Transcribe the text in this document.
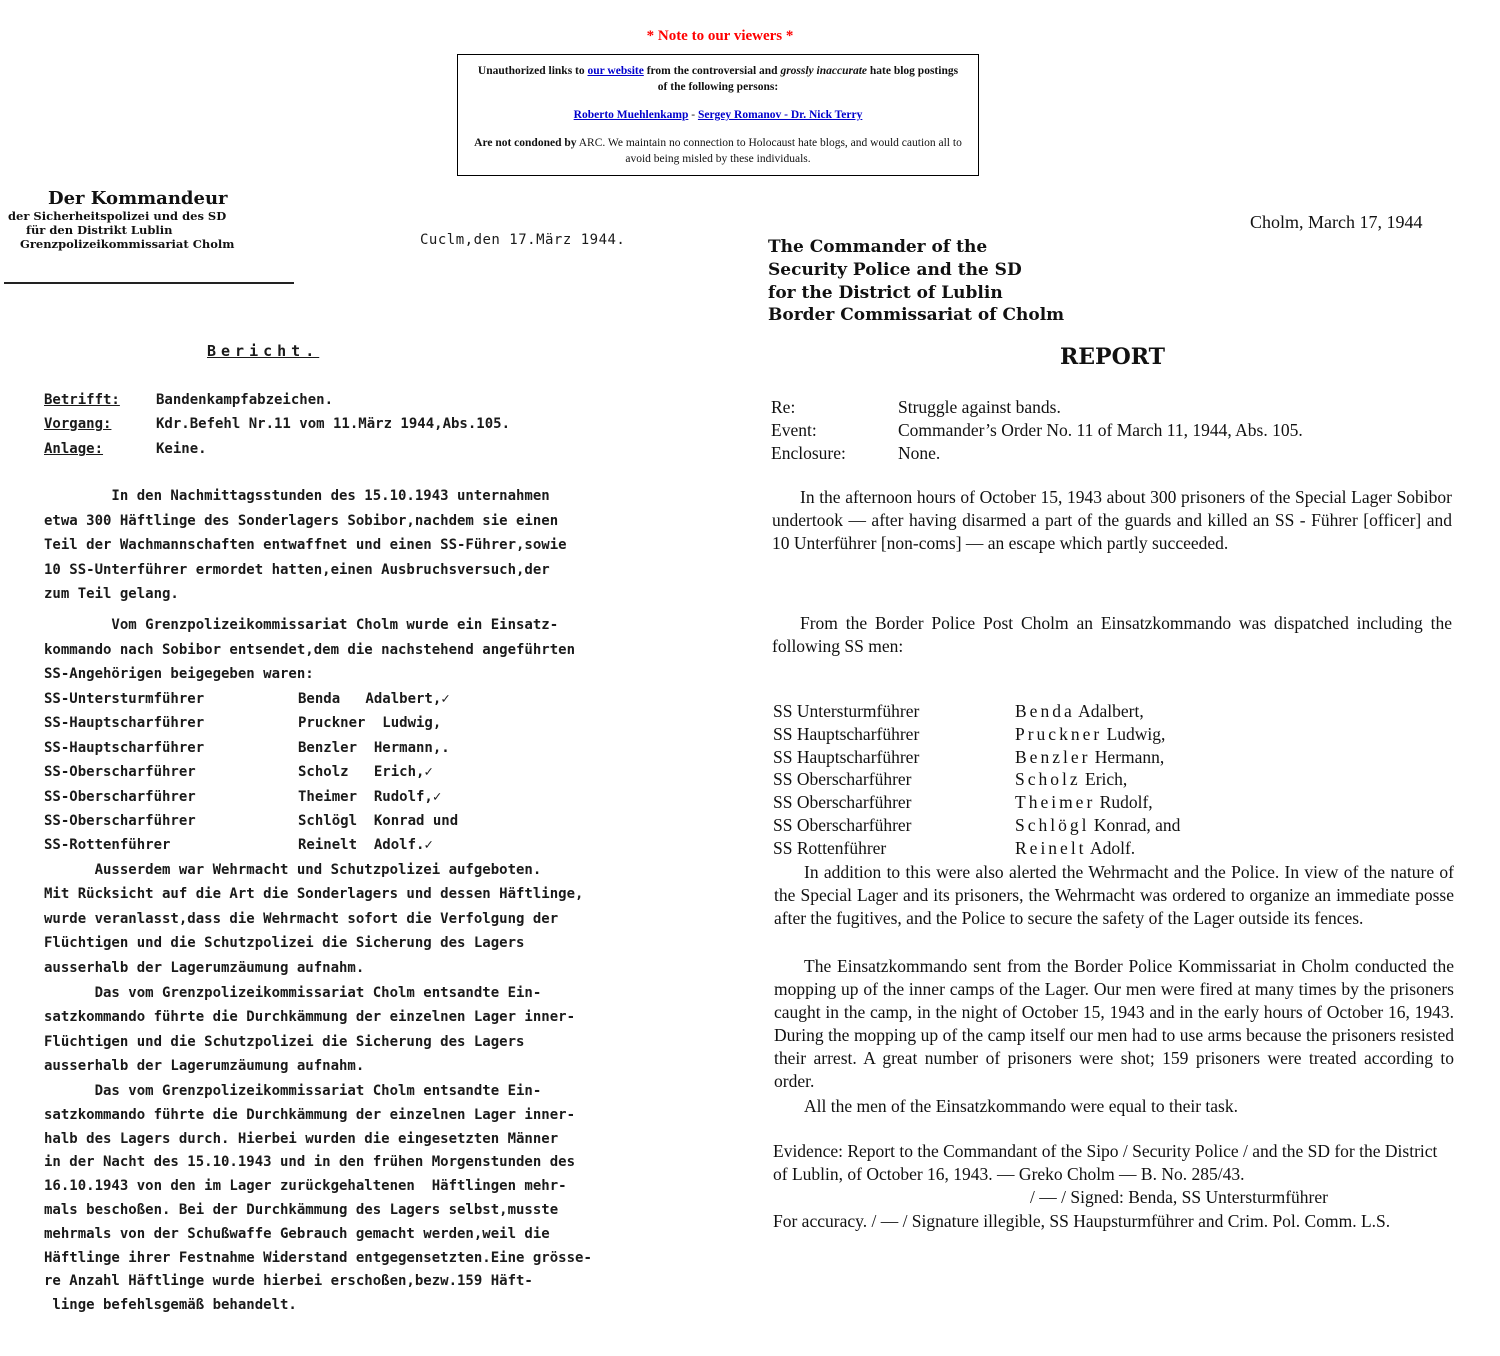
* Note to our viewers *

Unauthorized links to our website from the controversial and grossly inaccurate hate blog postings of the following persons:

Roberto Muehlenkamp - Sergey Romanov - Dr. Nick Terry

Are not condoned by ARC. We maintain no connection to Holocaust hate blogs, and would caution all to avoid being misled by these individuals.

Der Kommandeur
der Sicherheitspolizei und des SD
für den Distrikt Lublin
Grenzpolizeikommissariat Cholm	Cuclm,den 17.März 1944.
Bericht.
Betrifft:	Bandenkampfabzeichen.
Vorgang:	Kdr.Befehl Nr.11 vom 11.März 1944,Abs.105.
Anlage:	Keine.
In den Nachmittagsstunden des 15.10.1943 unternahmen
etwa 300 Häftlinge des Sonderlagers Sobibor,nachdem sie einen
Teil der Wachmannschaften entwaffnet und einen SS-Führer,sowie
10 SS-Unterführer ermordet hatten,einen Ausbruchsversuch,der
zum Teil gelang.
Vom Grenzpolizeikommissariat Cholm wurde ein Einsatz-
kommando nach Sobibor entsendet,dem die nachstehend angeführten
SS-Angehörigen beigegeben waren:
SS-Untersturmführer	Benda   Adalbert,✓
SS-Hauptscharführer	Pruckner  Ludwig,
SS-Hauptscharführer	Benzler  Hermann,.
SS-Oberscharführer	Scholz   Erich,✓
SS-Oberscharführer	Theimer  Rudolf,✓
SS-Oberscharführer	Schlögl  Konrad und
SS-Rottenführer	Reinelt  Adolf.✓
Ausserdem war Wehrmacht und Schutzpolizei aufgeboten.
Mit Rücksicht auf die Art die Sonderlagers und dessen Häftlinge,
wurde veranlasst,dass die Wehrmacht sofort die Verfolgung der
Flüchtigen und die Schutzpolizei die Sicherung des Lagers
ausserhalb der Lagerumzäumung aufnahm.
Das vom Grenzpolizeikommissariat Cholm entsandte Ein-
satzkommando führte die Durchkämmung der einzelnen Lager inner-
Flüchtigen und die Schutzpolizei die Sicherung des Lagers
ausserhalb der Lagerumzäumung aufnahm.
Das vom Grenzpolizeikommissariat Cholm entsandte Ein-
satzkommando führte die Durchkämmung der einzelnen Lager inner-
halb des Lagers durch. Hierbei wurden die eingesetzten Männer
in der Nacht des 15.10.1943 und in den frühen Morgenstunden des
16.10.1943 von den im Lager zurückgehaltenen  Häftlingen mehr-
mals beschoßen. Bei der Durchkämmung des Lagers selbst,musste
mehrmals von der Schußwaffe Gebrauch gemacht werden,weil die
Häftlinge ihrer Festnahme Widerstand entgegensetzten.Eine grösse-
re Anzahl Häftlinge wurde hierbei erschoßen,bezw.159 Häft-
linge befehlsgemäß behandelt.
Cholm, March 17, 1944
The Commander of the
Security Police and the SD
for the District of Lublin
Border Commissariat of Cholm
REPORT
Re:	Struggle against bands.
Event:	Commander’s Order No. 11 of March 11, 1944, Abs. 105.
Enclosure:	None.
In the afternoon hours of October 15, 1943 about 300 prisoners of the Special Lager Sobibor undertook — after having disarmed a part of the guards and killed an SS - Führer [officer] and 10 Unterführer [non-coms] — an escape which partly succeeded.
From the Border Police Post Cholm an Einsatzkommando was dispatched including the following SS men:
SS Untersturmführer	Benda Adalbert,
SS Hauptscharführer	Pruckner Ludwig,
SS Hauptscharführer	Benzler Hermann,
SS Oberscharführer	Scholz Erich,
SS Oberscharführer	Theimer Rudolf,
SS Oberscharführer	Schlögl Konrad, and
SS Rottenführer	Reinelt Adolf.
In addition to this were also alerted the Wehrmacht and the Police. In view of the nature of the Special Lager and its prisoners, the Wehrmacht was ordered to organize an immediate posse after the fugitives, and the Police to secure the safety of the Lager outside its fences.
The Einsatzkommando sent from the Border Police Kommissariat in Cholm conducted the mopping up of the inner camps of the Lager. Our men were fired at many times by the prisoners caught in the camp, in the night of October 15, 1943 and in the early hours of October 16, 1943. During the mopping up of the camp itself our men had to use arms because the prisoners resisted their arrest. A great number of prisoners were shot; 159 prisoners were treated according to order.
All the men of the Einsatzkommando were equal to their task.
Evidence: Report to the Commandant of the Sipo / Security Police / and the SD for the District of Lublin, of October 16, 1943. — Greko Cholm — B. No. 285/43.
/ — / Signed: Benda, SS Untersturmführer
For accuracy. / — / Signature illegible, SS Haupsturmführer and Crim. Pol. Comm. L.S.
